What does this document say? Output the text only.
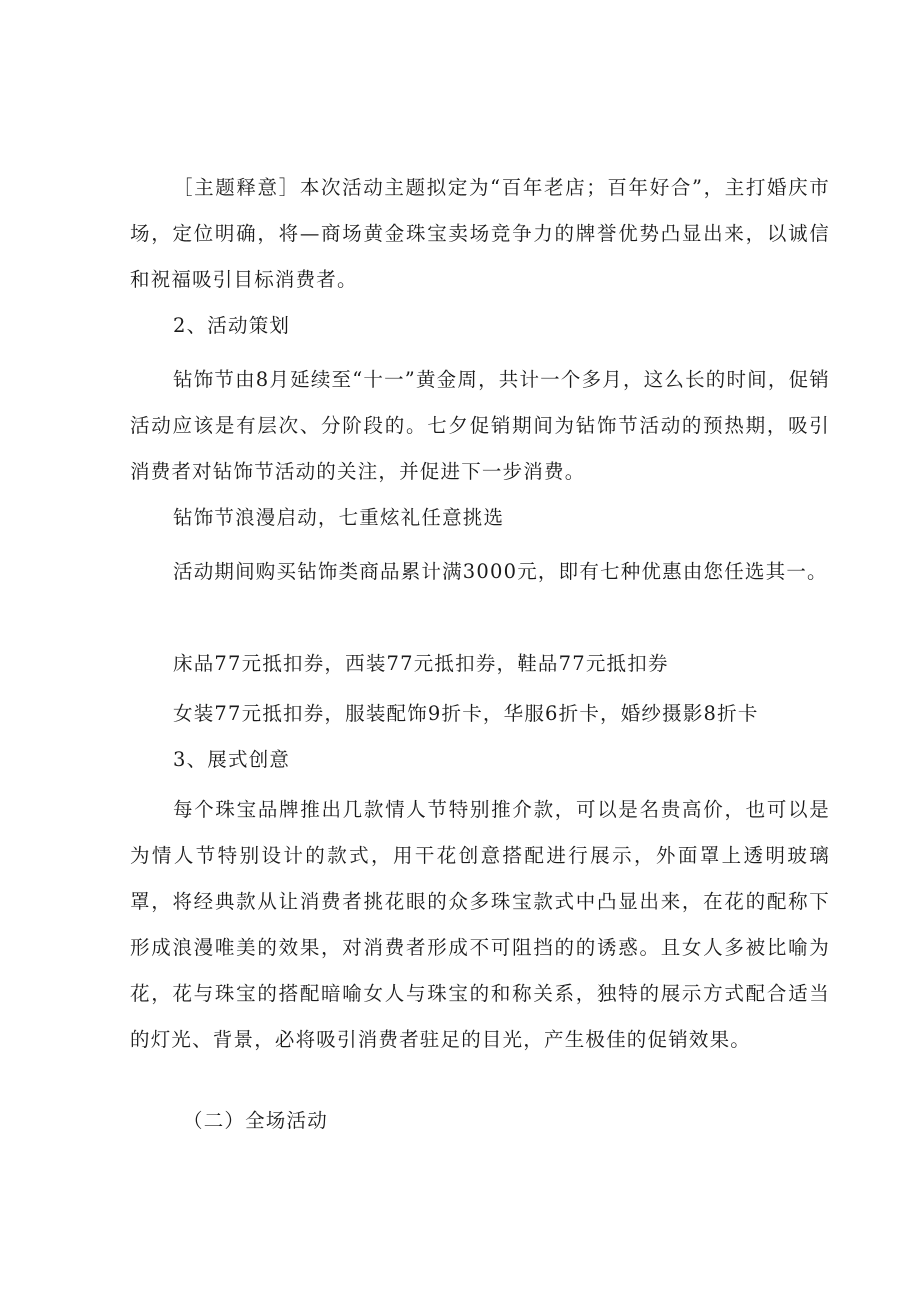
［主题释意］本次活动主题拟定为“百年老店；百年好合”，主打婚庆市场，定位明确，将—商场黄金珠宝卖场竞争力的牌誉优势凸显出来，以诚信和祝福吸引目标消费者。

2、活动策划

钻饰节由8月延续至“十一”黄金周，共计一个多月，这么长的时间，促销活动应该是有层次、分阶段的。七夕促销期间为钻饰节活动的预热期，吸引消费者对钻饰节活动的关注，并促进下一步消费。

钻饰节浪漫启动，七重炫礼任意挑选

活动期间购买钻饰类商品累计满3000元，即有七种优惠由您任选其一。

床品77元抵扣券，西装77元抵扣券，鞋品77元抵扣券

女装77元抵扣券，服装配饰9折卡，华服6折卡，婚纱摄影8折卡

3、展式创意

每个珠宝品牌推出几款情人节特别推介款，可以是名贵高价，也可以是为情人节特别设计的款式，用干花创意搭配进行展示，外面罩上透明玻璃罩，将经典款从让消费者挑花眼的众多珠宝款式中凸显出来，在花的配称下形成浪漫唯美的效果，对消费者形成不可阻挡的的诱惑。且女人多被比喻为花，花与珠宝的搭配暗喻女人与珠宝的和称关系，独特的展示方式配合适当的灯光、背景，必将吸引消费者驻足的目光，产生极佳的促销效果。

（二）全场活动
